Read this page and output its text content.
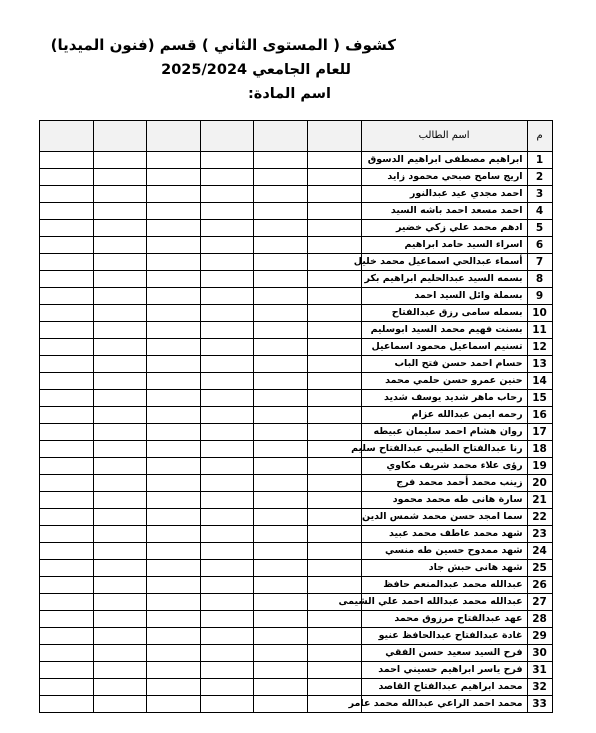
كشوف ( المستوى الثاني ) قسم (فنون الميديا)
للعام الجامعي 2025/2024
اسم المادة:
م	اسم الطالب						
1	ابراهيم مصطفى ابراهيم الدسوق						
2	اريج سامح صبحي محمود زايد						
3	احمد مجدي عيد عبدالنور						
4	احمد مسعد احمد باشه السيد						
5	ادهم محمد علي زكي خضير						
6	اسراء السيد حامد ابراهيم						
7	أسماء عبدالحي اسماعيل محمد خليل						
8	بسمه السيد عبدالحليم ابراهيم بكر						
9	بسملة وائل السيد احمد						
10	بسمله سامى رزق عبدالفتاح						
11	بسنت فهيم محمد السيد ابوسليم						
12	تسنيم اسماعيل محمود اسماعيل						
13	حسام احمد حسن فتح الباب						
14	حنين عمرو حسن حلمي محمد						
15	رحاب ماهر شديد يوسف شديد						
16	رحمه ايمن عبدالله عزام						
17	روان هشام احمد سليمان عبيطه						
18	رنا عبدالفتاح الطيبي عبدالفتاح سليم						
19	رؤى علاء محمد شريف مكاوي						
20	زينب محمد أحمد محمد فرج						
21	سارة هانى طه محمد محمود						
22	سما امجد حسن محمد شمس الدين						
23	شهد محمد عاطف محمد عبيد						
24	شهد ممدوح حسين طه منسي						
25	شهد هانى حبش جاد						
26	عبدالله محمد عبدالمنعم حافظ						
27	عبدالله محمد عبدالله احمد علي الشيمى						
28	عهد عبدالفتاح مرزوق محمد						
29	غادة عبدالفتاح عبدالحافظ عنيو						
30	فرح السيد سعيد حسن الفقي						
31	فرح ياسر ابراهيم حسيني احمد						
32	محمد ابراهيم عبدالفتاح القاصد						
33	محمد احمد الراعي عبدالله محمد عامر						
